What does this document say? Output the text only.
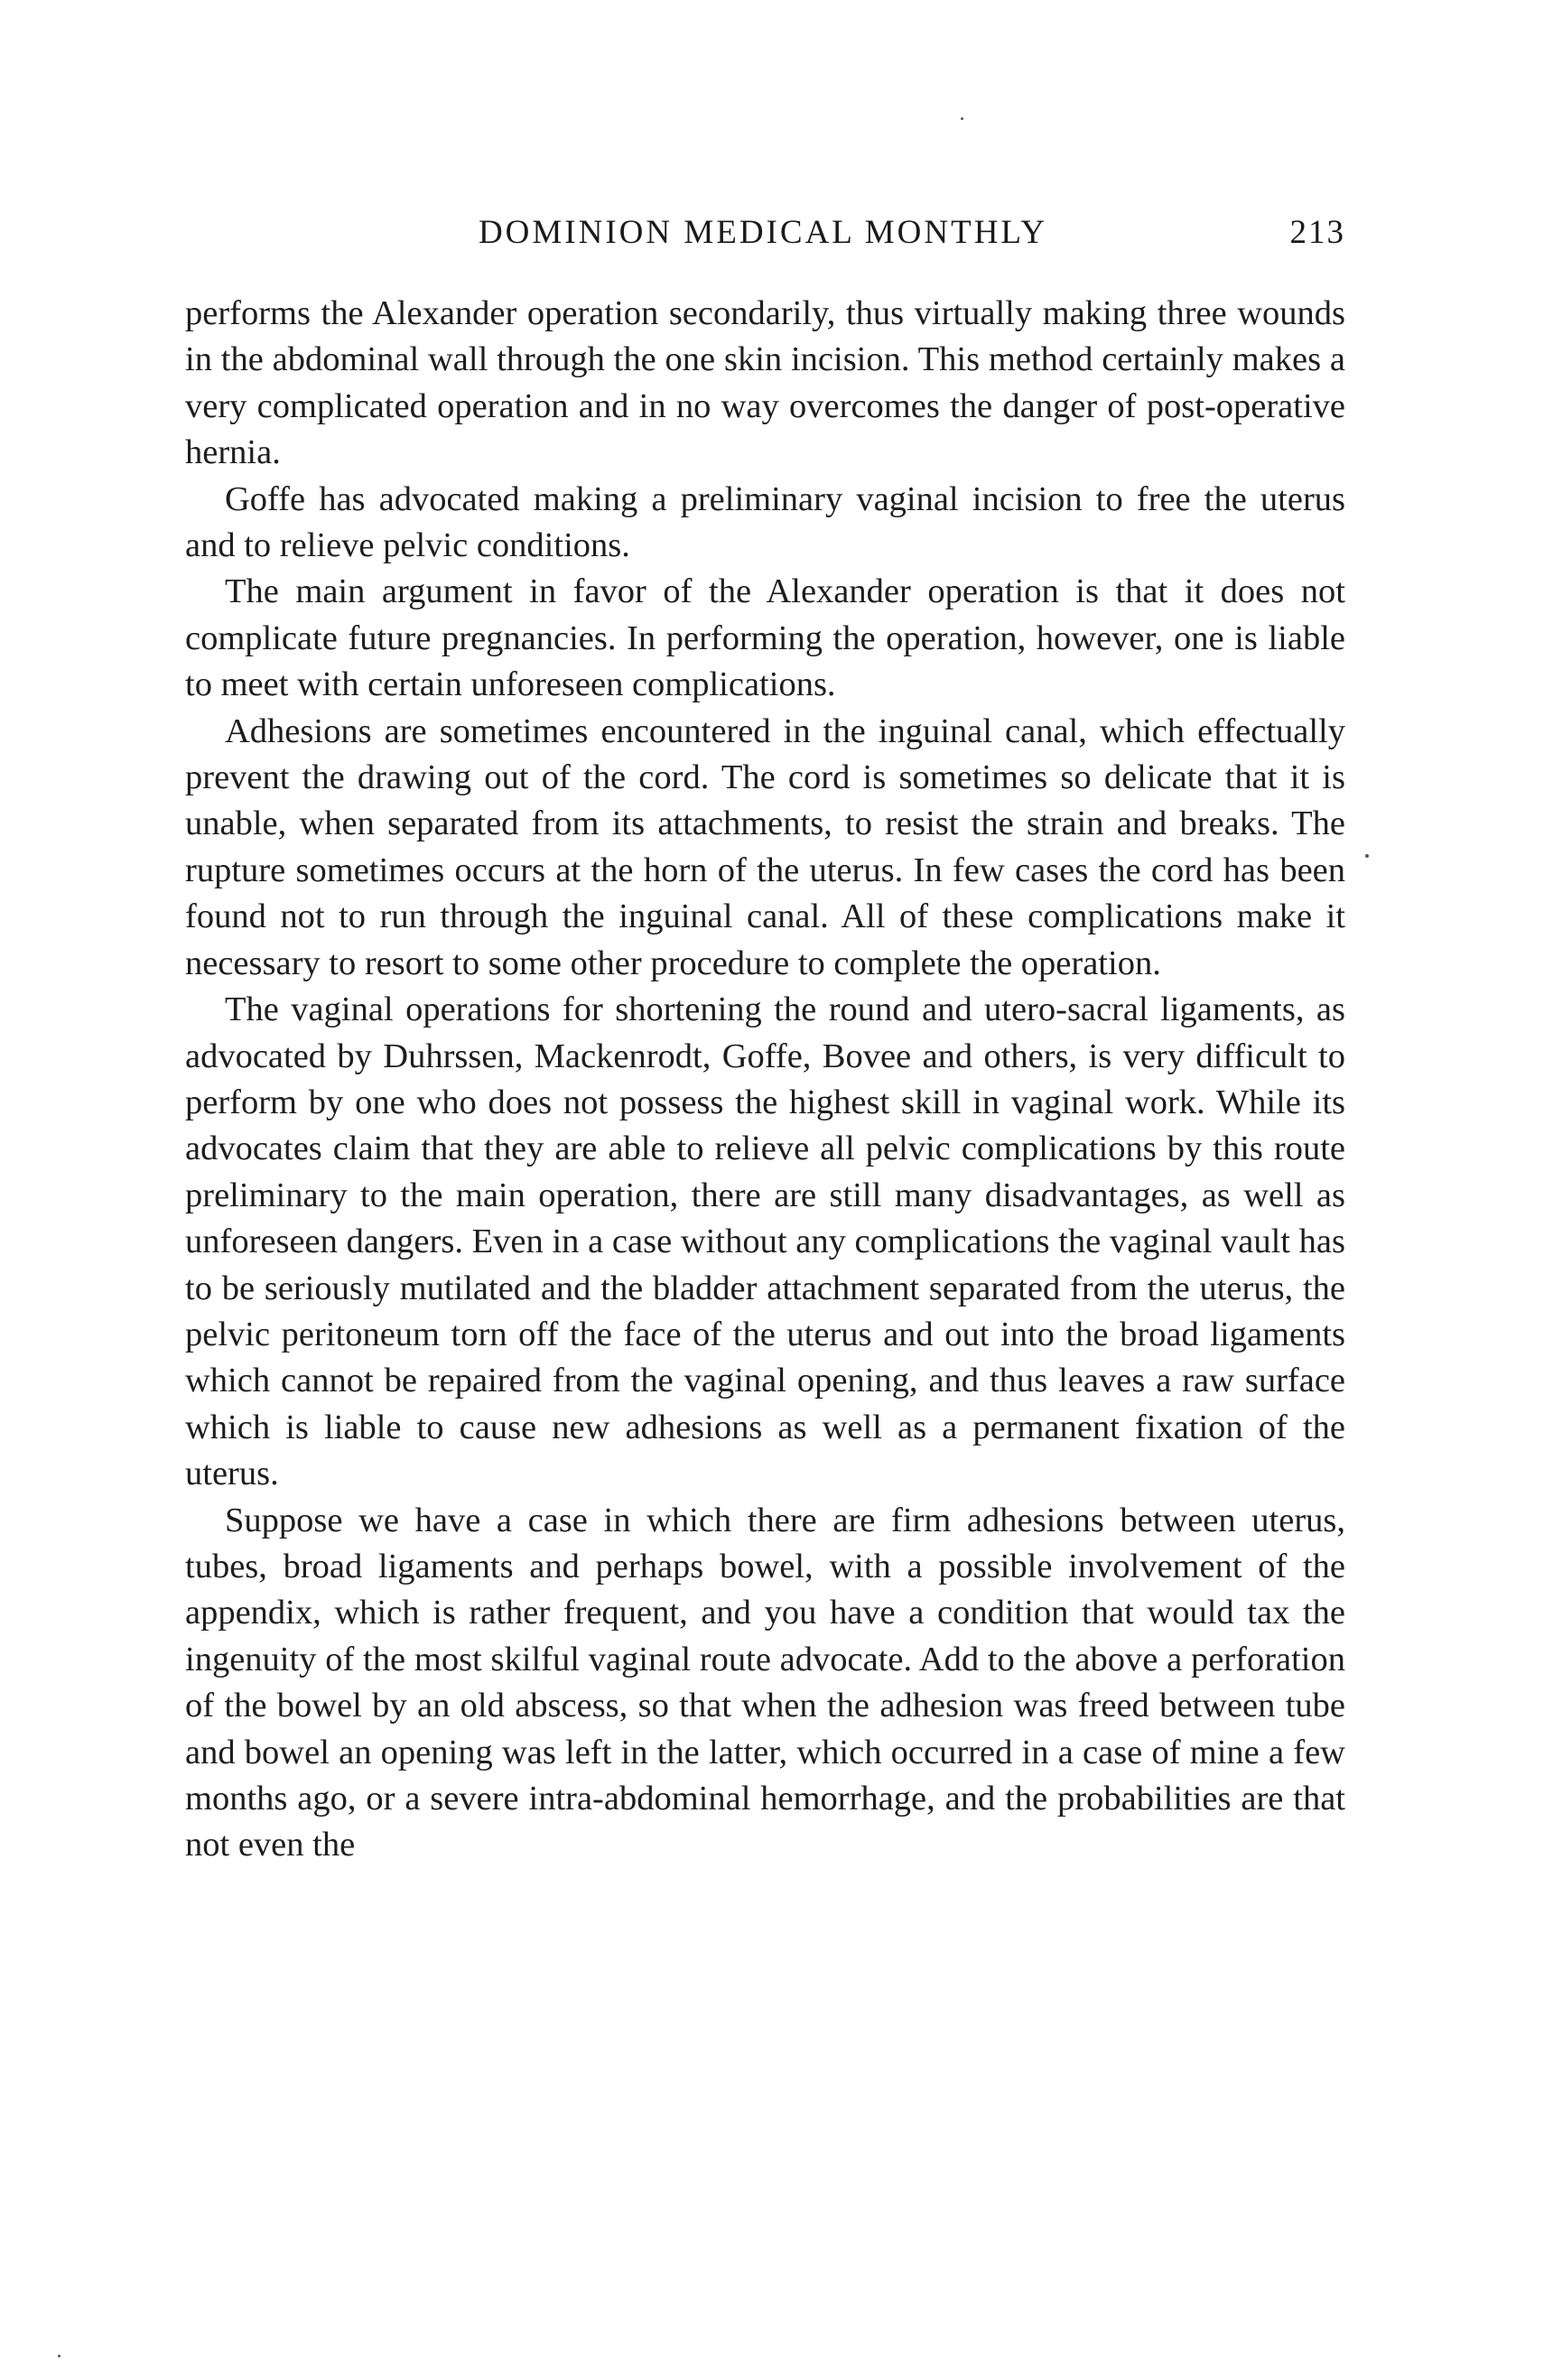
DOMINION MEDICAL MONTHLY	213

performs the Alexander operation secondarily, thus virtually making three wounds in the abdominal wall through the one skin incision. This method certainly makes a very complicated operation and in no way overcomes the danger of post-operative hernia.

Goffe has advocated making a preliminary vaginal incision to free the uterus and to relieve pelvic conditions.

The main argument in favor of the Alexander operation is that it does not complicate future pregnancies. In performing the operation, however, one is liable to meet with certain unforeseen complications.

Adhesions are sometimes encountered in the inguinal canal, which effectually prevent the drawing out of the cord. The cord is sometimes so delicate that it is unable, when separated from its attachments, to resist the strain and breaks. The rupture sometimes occurs at the horn of the uterus. In few cases the cord has been found not to run through the inguinal canal. All of these complications make it necessary to resort to some other procedure to complete the operation.

The vaginal operations for shortening the round and utero-sacral ligaments, as advocated by Duhrssen, Mackenrodt, Goffe, Bovee and others, is very difficult to perform by one who does not possess the highest skill in vaginal work. While its advocates claim that they are able to relieve all pelvic complications by this route preliminary to the main operation, there are still many disadvantages, as well as unforeseen dangers. Even in a case without any complications the vaginal vault has to be seriously mutilated and the bladder attachment separated from the uterus, the pelvic peritoneum torn off the face of the uterus and out into the broad ligaments which cannot be repaired from the vaginal opening, and thus leaves a raw surface which is liable to cause new adhesions as well as a permanent fixation of the uterus.

Suppose we have a case in which there are firm adhesions between uterus, tubes, broad ligaments and perhaps bowel, with a possible involvement of the appendix, which is rather frequent, and you have a condition that would tax the ingenuity of the most skilful vaginal route advocate. Add to the above a perforation of the bowel by an old abscess, so that when the adhesion was freed between tube and bowel an opening was left in the latter, which occurred in a case of mine a few months ago, or a severe intra-abdominal hemorrhage, and the probabilities are that not even the
